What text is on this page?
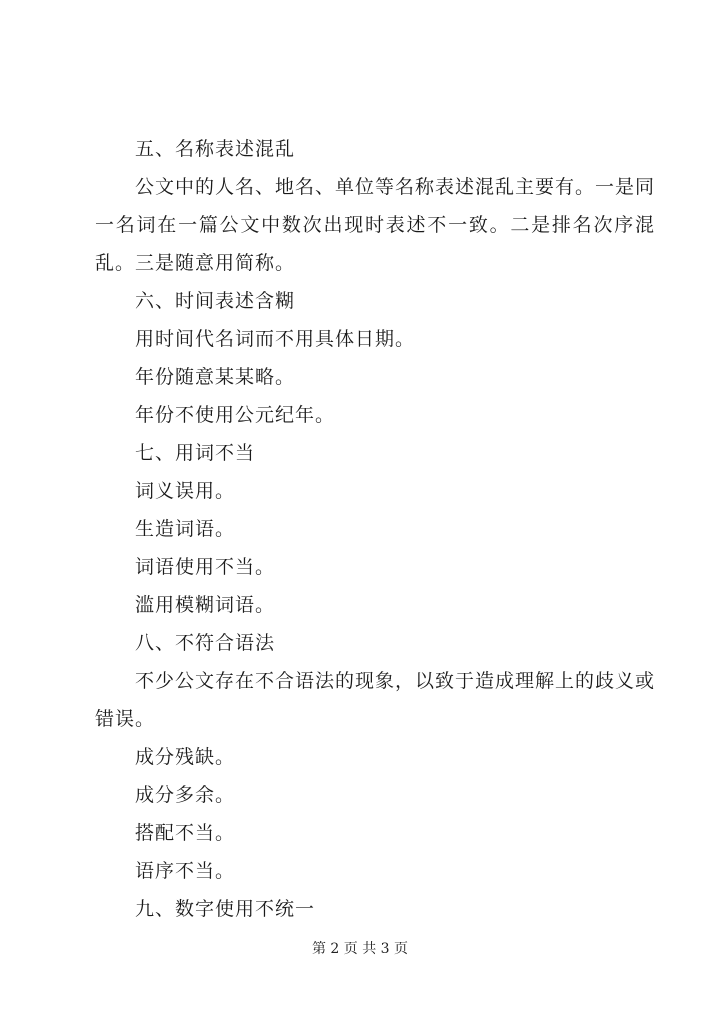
五、名称表述混乱

公文中的人名、地名、单位等名称表述混乱主要有。一是同一名词在一篇公文中数次出现时表述不一致。二是排名次序混乱。三是随意用简称。

六、时间表述含糊
用时间代名词而不用具体日期。
年份随意某某略。
年份不使用公元纪年。
七、用词不当
词义误用。
生造词语。
词语使用不当。
滥用模糊词语。
八、不符合语法

不少公文存在不合语法的现象，以致于造成理解上的歧义或错误。

成分残缺。
成分多余。
搭配不当。
语序不当。
九、数字使用不统一
第 2 页 共 3 页
